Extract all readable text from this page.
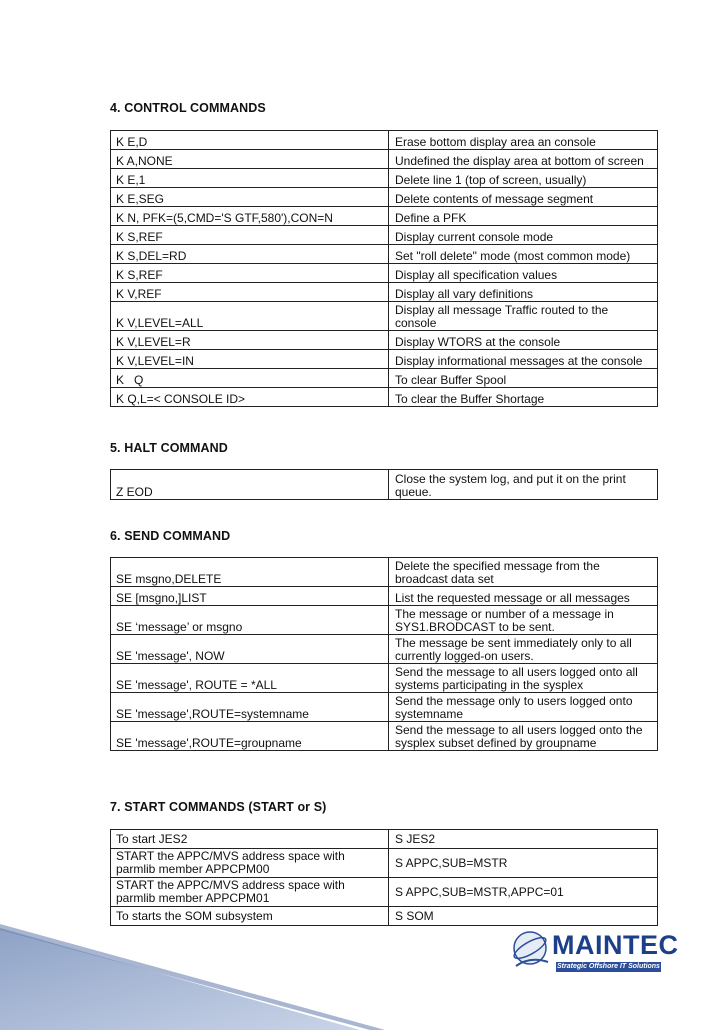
4. CONTROL COMMANDS
K E,D	Erase bottom display area an console
K A,NONE	Undefined the display area at bottom of screen
K E,1	Delete line 1 (top of screen, usually)
K E,SEG	Delete contents of message segment
K N, PFK=(5,CMD='S GTF,580'),CON=N	Define a PFK
K S,REF	Display current console mode
K S,DEL=RD	Set "roll delete" mode (most common mode)
K S,REF	Display all specification values
K V,REF	Display all vary definitions
K V,LEVEL=ALL	Display all message Traffic routed to the console
K V,LEVEL=R	Display WTORS at the console
K V,LEVEL=IN	Display informational messages at the console
K   Q	To clear Buffer Spool
K Q,L=< CONSOLE ID>	To clear the Buffer Shortage
5. HALT COMMAND
Z EOD	Close the system log, and put it on the print queue.
6. SEND COMMAND
SE msgno,DELETE	Delete the specified message from the broadcast data set
SE [msgno,]LIST	List the requested message or all messages
SE ‘message’ or msgno	The message or number of a message in SYS1.BRODCAST to be sent.
SE 'message', NOW	The message be sent immediately only to all currently logged-on users.
SE 'message', ROUTE = *ALL	Send the message to all users logged onto all systems participating in the sysplex
SE 'message',ROUTE=systemname	Send the message only to users logged onto systemname
SE 'message',ROUTE=groupname	Send the message to all users logged onto the sysplex subset defined by groupname
7. START COMMANDS (START or S)
To start JES2	S JES2
START the APPC/MVS address space with parmlib member APPCPM00	S APPC,SUB=MSTR
START the APPC/MVS address space with parmlib member APPCPM01	S APPC,SUB=MSTR,APPC=01
To starts the SOM subsystem	S SOM
MAINTEC
Strategic Offshore IT Solutions
